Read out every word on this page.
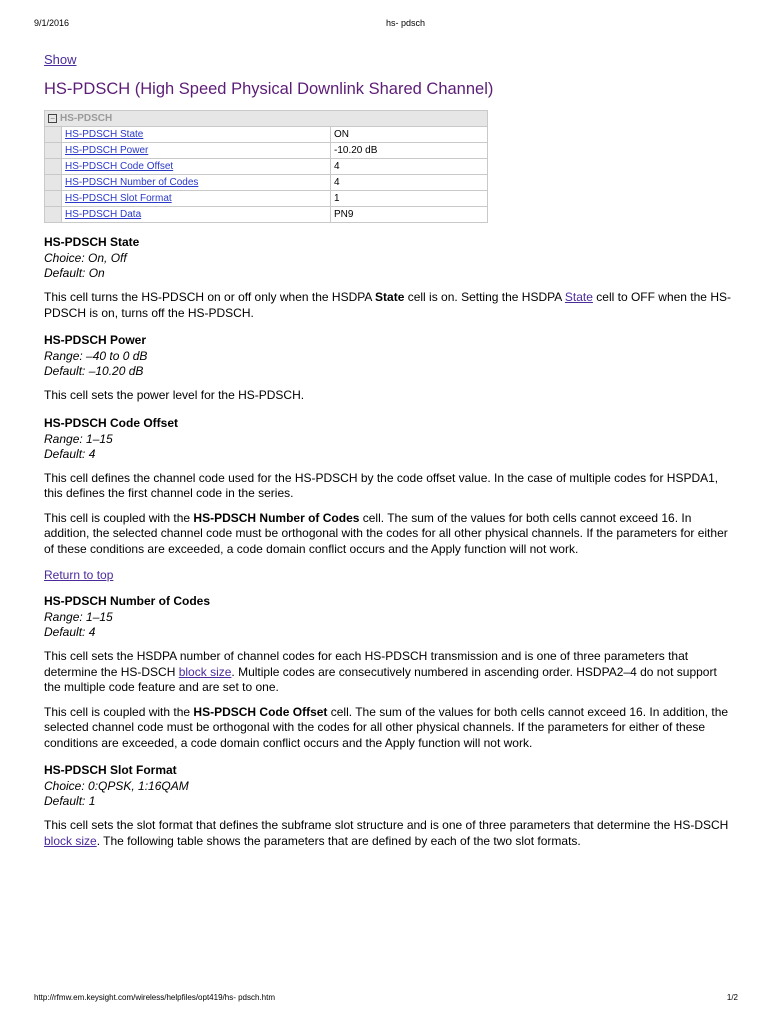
9/1/2016	hs- pdsch
Show
HS-PDSCH (High Speed Physical Downlink Shared Channel)
− HS-PDSCH		
	HS-PDSCH State	ON
	HS-PDSCH Power	-10.20 dB
	HS-PDSCH Code Offset	4
	HS-PDSCH Number of Codes	4
	HS-PDSCH Slot Format	1
	HS-PDSCH Data	PN9
HS-PDSCH State
Choice: On, Off
Default: On

This cell turns the HS-PDSCH on or off only when the HSDPA State cell is on. Setting the HSDPA State cell to OFF when the HS-PDSCH is on, turns off the HS-PDSCH.

HS-PDSCH Power
Range: –40 to 0 dB
Default: –10.20 dB

This cell sets the power level for the HS-PDSCH.

HS-PDSCH Code Offset
Range: 1–15
Default: 4

This cell defines the channel code used for the HS-PDSCH by the code offset value. In the case of multiple codes for HSPDA1, this defines the first channel code in the series.

This cell is coupled with the HS-PDSCH Number of Codes cell. The sum of the values for both cells cannot exceed 16. In addition, the selected channel code must be orthogonal with the codes for all other physical channels. If the parameters for either of these conditions are exceeded, a code domain conflict occurs and the Apply function will not work.

Return to top
HS-PDSCH Number of Codes
Range: 1–15
Default: 4

This cell sets the HSDPA number of channel codes for each HS-PDSCH transmission and is one of three parameters that determine the HS-DSCH block size. Multiple codes are consecutively numbered in ascending order. HSDPA2–4 do not support the multiple code feature and are set to one.

This cell is coupled with the HS-PDSCH Code Offset cell. The sum of the values for both cells cannot exceed 16. In addition, the selected channel code must be orthogonal with the codes for all other physical channels. If the parameters for either of these conditions are exceeded, a code domain conflict occurs and the Apply function will not work.

HS-PDSCH Slot Format
Choice: 0:QPSK, 1:16QAM
Default: 1

This cell sets the slot format that defines the subframe slot structure and is one of three parameters that determine the HS-DSCH block size. The following table shows the parameters that are defined by each of the two slot formats.

http://rfmw.em.keysight.com/wireless/helpfiles/opt419/hs- pdsch.htm	1/2
